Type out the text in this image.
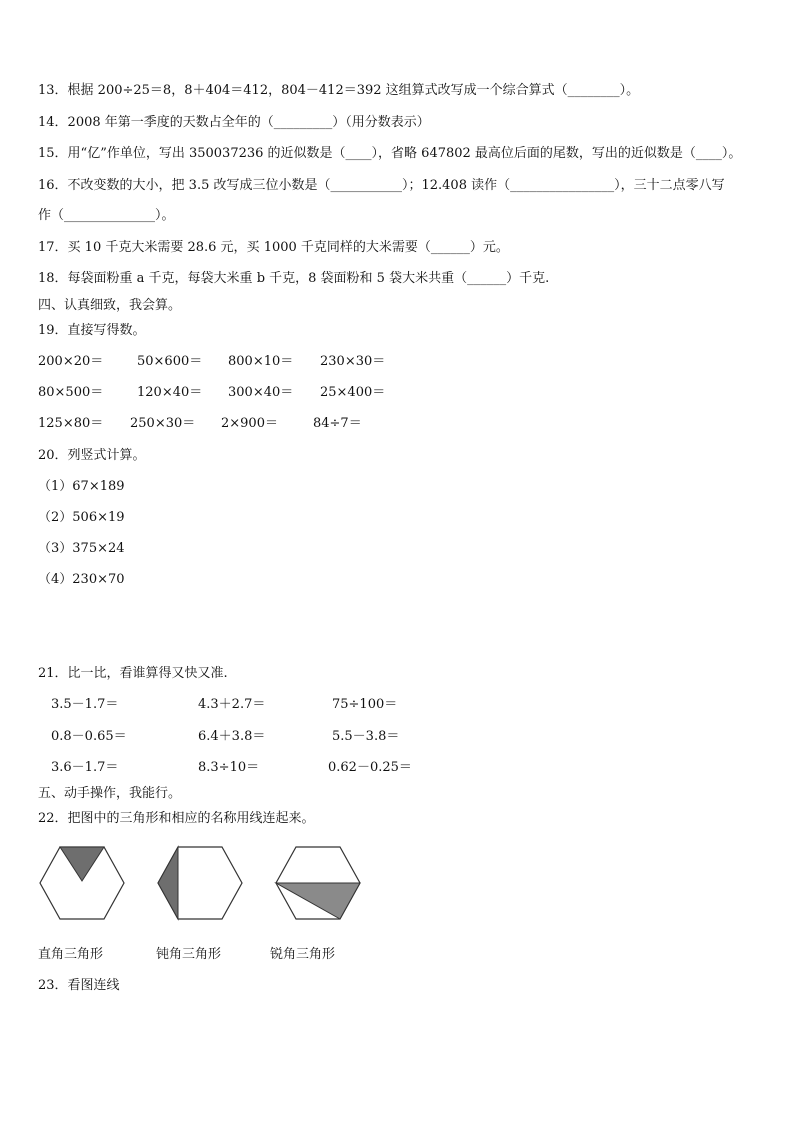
13．根据 200÷25＝8，8＋404＝412，804－412＝392 这组算式改写成一个综合算式（________）。
14．2008 年第一季度的天数占全年的（_________）（用分数表示）
15．用“亿”作单位，写出 350037236 的近似数是（____），省略 647802 最高位后面的尾数，写出的近似数是（____）。
16．不改变数的大小，把 3.5 改写成三位小数是（___________）；12.408 读作（________________），三十二点零八写
作（______________）。
17．买 10 千克大米需要 28.6 元，买 1000 千克同样的大米需要（______）元。
18．每袋面粉重 a 千克，每袋大米重 b 千克，8 袋面粉和 5 袋大米共重（______）千克.
四、认真细致，我会算。
19．直接写得数。
200×20＝	50×600＝ 800×10＝ 230×30＝
80×500＝	120×40＝ 300×40＝ 25×400＝
125×80＝ 250×30＝ 2×900＝	84÷7＝
20．列竖式计算。
（1）67×189
（2）506×19
（3）375×24
（4）230×70
21．比一比，看谁算得又快又准.
3.5－1.7＝	4.3＋2.7＝	75÷100＝
0.8－0.65＝	6.4＋3.8＝	5.5－3.8＝
3.6－1.7＝	8.3÷10＝	0.62－0.25＝
五、动手操作，我能行。
22．把图中的三角形和相应的名称用线连起来。
直角三角形	钝角三角形	锐角三角形
23．看图连线
